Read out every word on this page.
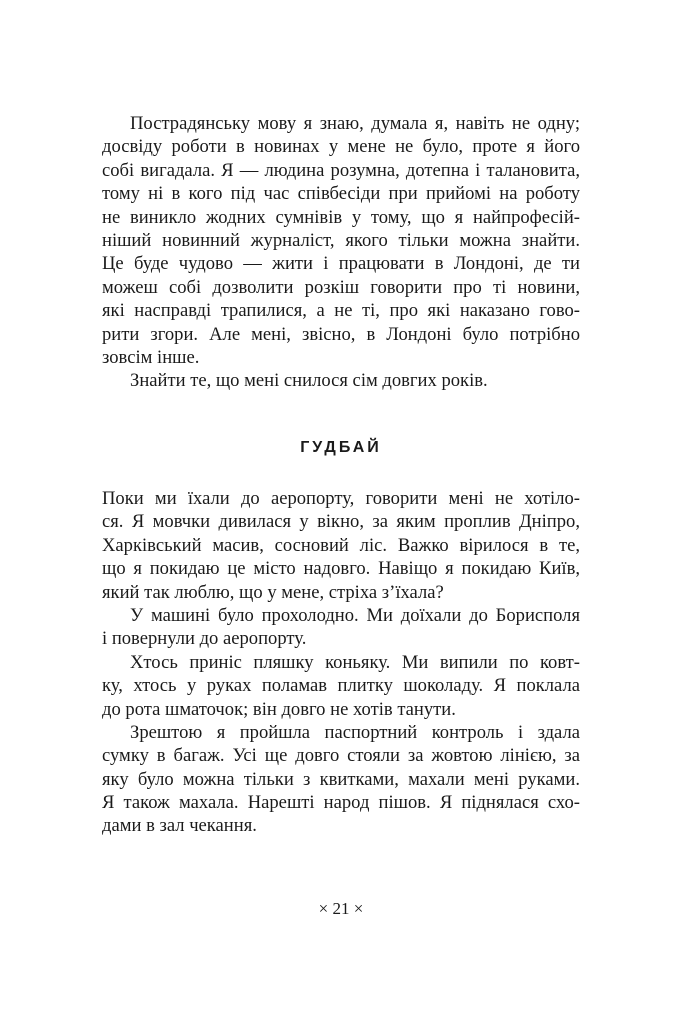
Пострадянську мову я знаю, думала я, навіть не одну;
досвіду роботи в новинах у мене не було, проте я його
собі вигадала. Я — людина розумна, дотепна і талановита,
тому ні в кого під час співбесіди при прийомі на роботу
не виникло жодних сумнівів у тому, що я найпрофесій-
ніший новинний журналіст, якого тільки можна знайти.
Це буде чудово — жити і працювати в Лондоні, де ти
можеш собі дозволити розкіш говорити про ті новини,
які насправді трапилися, а не ті, про які наказано гово-
рити згори. Але мені, звісно, в Лондоні було потрібно
зовсім інше.
Знайти те, що мені снилося сім довгих років.
ГУДБАЙ
Поки ми їхали до аеропорту, говорити мені не хотіло-
ся. Я мовчки дивилася у вікно, за яким проплив Дніпро,
Харківський масив, сосновий ліс. Важко вірилося в те,
що я покидаю це місто надовго. Навіщо я покидаю Київ,
який так люблю, що у мене, стріха з’їхала?
У машині було прохолодно. Ми доїхали до Борисполя
і повернули до аеропорту.
Хтось приніс пляшку коньяку. Ми випили по ковт-
ку, хтось у руках поламав плитку шоколаду. Я поклала
до рота шматочок; він довго не хотів танути.
Зрештою я пройшла паспортний контроль і здала
сумку в багаж. Усі ще довго стояли за жовтою лінією, за
яку було можна тільки з квитками, махали мені руками.
Я також махала. Нарешті народ пішов. Я піднялася схо-
дами в зал чекання.
× 21 ×
